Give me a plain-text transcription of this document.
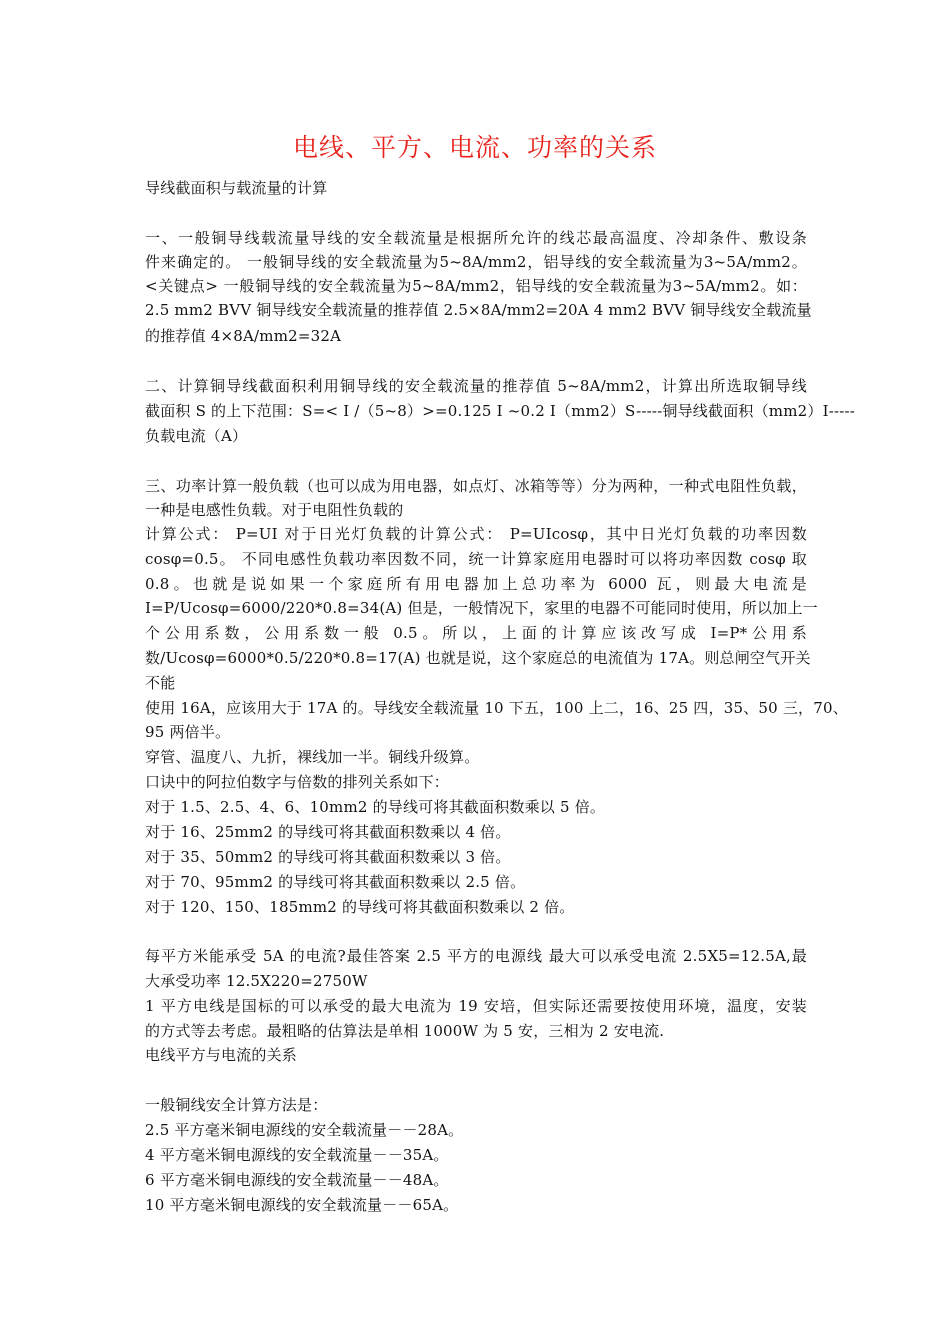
电线、平方、电流、功率的关系
导线截面积与载流量的计算
一、一般铜导线载流量导线的安全载流量是根据所允许的线芯最高温度、冷却条件、敷设条
件来确定的。 一般铜导线的安全载流量为5~8A/mm2，铝导线的安全载流量为3~5A/mm2。
<关键点> 一般铜导线的安全载流量为5~8A/mm2，铝导线的安全载流量为3~5A/mm2。如：
2.5 mm2 BVV 铜导线安全载流量的推荐值 2.5×8A/mm2=20A 4 mm2 BVV 铜导线安全载流量
的推荐值 4×8A/mm2=32A
二、计算铜导线截面积利用铜导线的安全载流量的推荐值 5~8A/mm2，计算出所选取铜导线
截面积 S 的上下范围：S=< I /（5~8）>=0.125 I ~0.2 I（mm2）S-----铜导线截面积（mm2）I-----
负载电流（A）
三、功率计算一般负载（也可以成为用电器，如点灯、冰箱等等）分为两种，一种式电阻性负载，
一种是电感性负载。对于电阻性负载的
计算公式： P=UI 对于日光灯负载的计算公式： P=UIcosφ，其中日光灯负载的功率因数
cosφ=0.5。 不同电感性负载功率因数不同，统一计算家庭用电器时可以将功率因数 cosφ 取
0.8。也就是说如果一个家庭所有用电器加上总功率为 6000 瓦，则最大电流是
I=P/Ucosφ=6000/220*0.8=34(A) 但是，一般情况下，家里的电器不可能同时使用，所以加上一
个公用系数，公用系数一般 0.5。所以，上面的计算应该改写成 I=P*公用系
数/Ucosφ=6000*0.5/220*0.8=17(A) 也就是说，这个家庭总的电流值为 17A。则总闸空气开关
不能
使用 16A，应该用大于 17A 的。导线安全载流量 10 下五，100 上二，16、25 四，35、50 三，70、
95 两倍半。
穿管、温度八、九折，裸线加一半。铜线升级算。
口诀中的阿拉伯数字与倍数的排列关系如下：
对于 1.5、2.5、4、6、10mm2 的导线可将其截面积数乘以 5 倍。
对于 16、25mm2 的导线可将其截面积数乘以 4 倍。
对于 35、50mm2 的导线可将其截面积数乘以 3 倍。
对于 70、95mm2 的导线可将其截面积数乘以 2.5 倍。
对于 120、150、185mm2 的导线可将其截面积数乘以 2 倍。
每平方米能承受 5A 的电流?最佳答案 2.5 平方的电源线 最大可以承受电流 2.5X5=12.5A,最
大承受功率 12.5X220=2750W
1 平方电线是国标的可以承受的最大电流为 19 安培，但实际还需要按使用环境，温度，安装
的方式等去考虑。最粗略的估算法是单相 1000W 为 5 安，三相为 2 安电流.
电线平方与电流的关系
一般铜线安全计算方法是：
2.5 平方毫米铜电源线的安全载流量－－28A。
4 平方毫米铜电源线的安全载流量－－35A。
6 平方毫米铜电源线的安全载流量－－48A。
10 平方毫米铜电源线的安全载流量－－65A。
